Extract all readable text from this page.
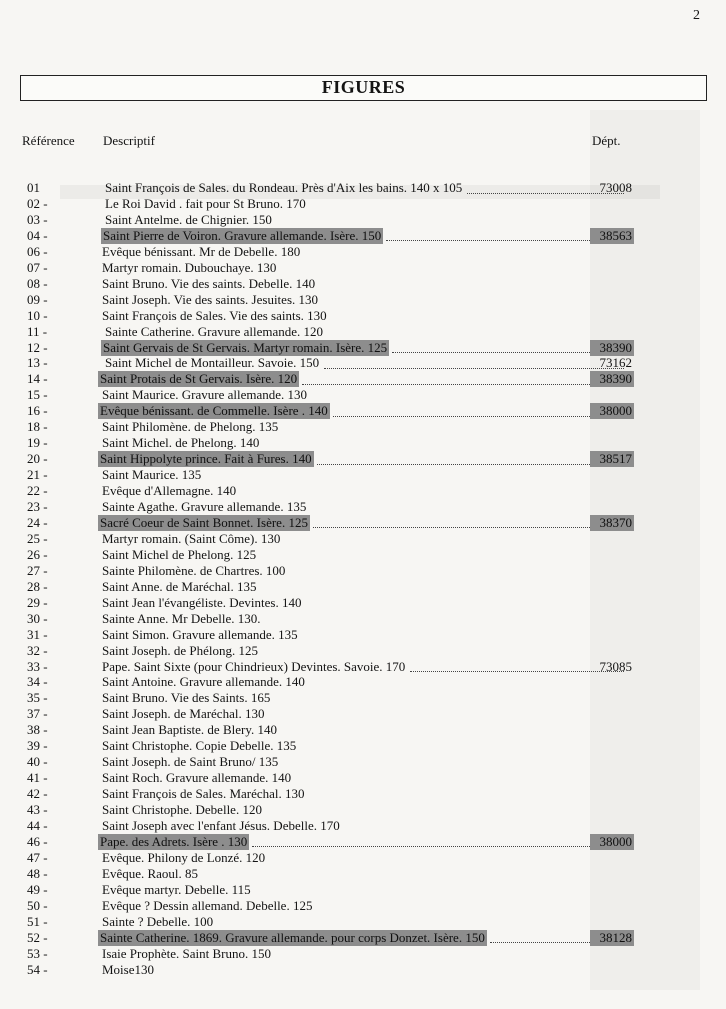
2
FIGURES
Référence Descriptif	Dépt.
01	Saint François de Sales. du Rondeau. Près d'Aix les bains. 140 x 105	73008
02 -	Le Roi David . fait pour St Bruno. 170
03 -	Saint Antelme. de Chignier. 150
04 -	Saint Pierre de Voiron. Gravure allemande. Isère. 150	38563
06 -	Evêque bénissant. Mr de Debelle. 180
07 -	Martyr romain. Dubouchaye. 130
08 -	Saint Bruno. Vie des saints. Debelle. 140
09 -	Saint Joseph. Vie des saints. Jesuites. 130
10 -	Saint François de Sales. Vie des saints. 130
11 -	Sainte Catherine. Gravure allemande. 120
12 -	Saint Gervais de St Gervais. Martyr romain. Isère. 125	38390
13 -	Saint Michel de Montailleur. Savoie. 150	73162
14 -	Saint Protais de St Gervais. Isère. 120	38390
15 -	Saint Maurice. Gravure allemande. 130
16 -	Evêque bénissant. de Commelle. Isère . 140	38000
18 -	Saint Philomène. de Phelong. 135
19 -	Saint Michel. de Phelong. 140
20 -	Saint Hippolyte prince. Fait à Fures. 140	38517
21 -	Saint Maurice. 135
22 -	Evêque d'Allemagne. 140
23 -	Sainte Agathe. Gravure allemande. 135
24 -	Sacré Coeur de Saint Bonnet. Isère. 125	38370
25 -	Martyr romain. (Saint Côme). 130
26 -	Saint Michel de Phelong. 125
27 -	Sainte Philomène. de Chartres. 100
28 -	Saint Anne. de Maréchal. 135
29 -	Saint Jean l'évangéliste. Devintes. 140
30 -	Sainte Anne. Mr Debelle. 130.
31 -	Saint Simon. Gravure allemande. 135
32 -	Saint Joseph. de Phélong. 125
33 -	Pape. Saint Sixte (pour Chindrieux) Devintes. Savoie. 170	73085
34 -	Saint Antoine. Gravure allemande. 140
35 -	Saint Bruno. Vie des Saints. 165
37 -	Saint Joseph. de Maréchal. 130
38 -	Saint Jean Baptiste. de Blery. 140
39 -	Saint Christophe. Copie Debelle. 135
40 -	Saint Joseph. de Saint Bruno/ 135
41 -	Saint Roch. Gravure allemande. 140
42 -	Saint François de Sales. Maréchal. 130
43 -	Saint Christophe. Debelle. 120
44 -	Saint Joseph avec l'enfant Jésus. Debelle. 170
46 -	Pape. des Adrets. Isère . 130	38000
47 -	Evêque. Philony de Lonzé. 120
48 -	Evêque. Raoul. 85
49 -	Evêque martyr. Debelle. 115
50 -	Evêque ? Dessin allemand. Debelle. 125
51 -	Sainte ? Debelle. 100
52 -	Sainte Catherine. 1869. Gravure allemande. pour corps Donzet. Isère. 150	38128
53 -	Isaie Prophète. Saint Bruno. 150
54 -	Moise130
